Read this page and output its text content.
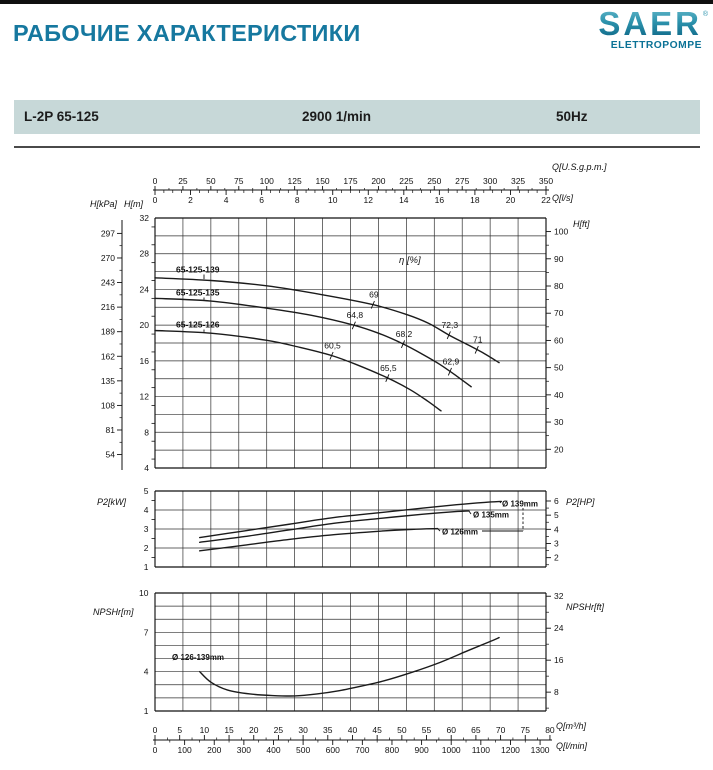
РАБОЧИЕ ХАРАКТЕРИСТИКИ	SAER ®
ELETTROPOMPE
L-2P 65-125	2900 1/min	50Hz
H[kPa] H[m]
Q[U.S.g.p.m.]
Q[l/s]
H[ft]
η [%]
P2[kW]	P2[HP]
NPSHr[m]	NPSHr[ft]
Q[m³/h]
Q[l/min]
0 25 50 75 100 125 150 175 200 225 250 275 300 325 350
0	2	4	6	8	10	12	14	16	18	20	22
32
28
24
20
16
12
8
4
297
270
243
216
189
162
135
108
81
54
100
90
80
70
60
50
40
30
20
65-125-139
69
72,3
71
65-125-135
64,8
68,2
62,9
65-125-126
60,5
65,5
5
4
3
2
1
6
5
4
3
2
Ø 139mm
Ø 135mm
Ø 126mm
10
7
4
1
32
24
16
8
Ø 126-139mm
0 5 10 15 20 25 30 35 40 45 50 55 60 65 70 75 80
0 100 200 300 400 500 600 700 800 900 1000 1100 1200 1300
